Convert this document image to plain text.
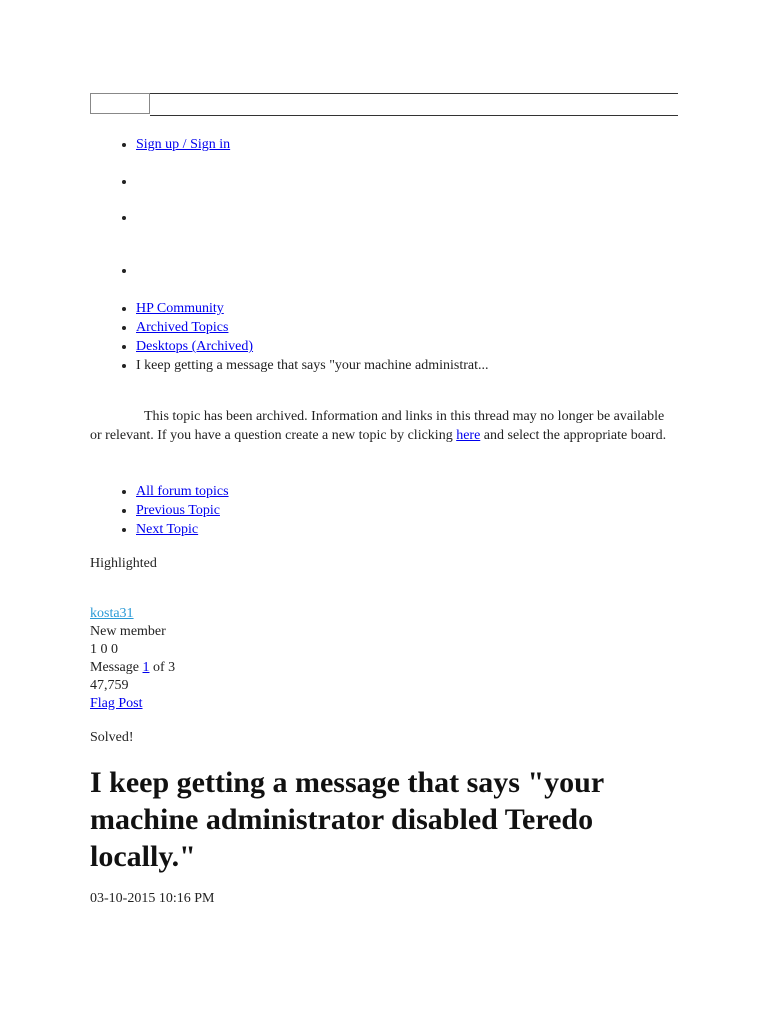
• Sign up / Sign in
• HP Community
• Archived Topics
• Desktops (Archived)
• I keep getting a message that says "your machine administrat...
This topic has been archived. Information and links in this thread may no longer be available or relevant. If you have a question create a new topic by clicking here and select the appropriate board.
• All forum topics
• Previous Topic
• Next Topic
Highlighted
kosta31
New member
1 0 0
Message 1 of 3
47,759
Flag Post
Solved!
I keep getting a message that says "your machine administrator disabled Teredo locally."
03-10-2015 10:16 PM
